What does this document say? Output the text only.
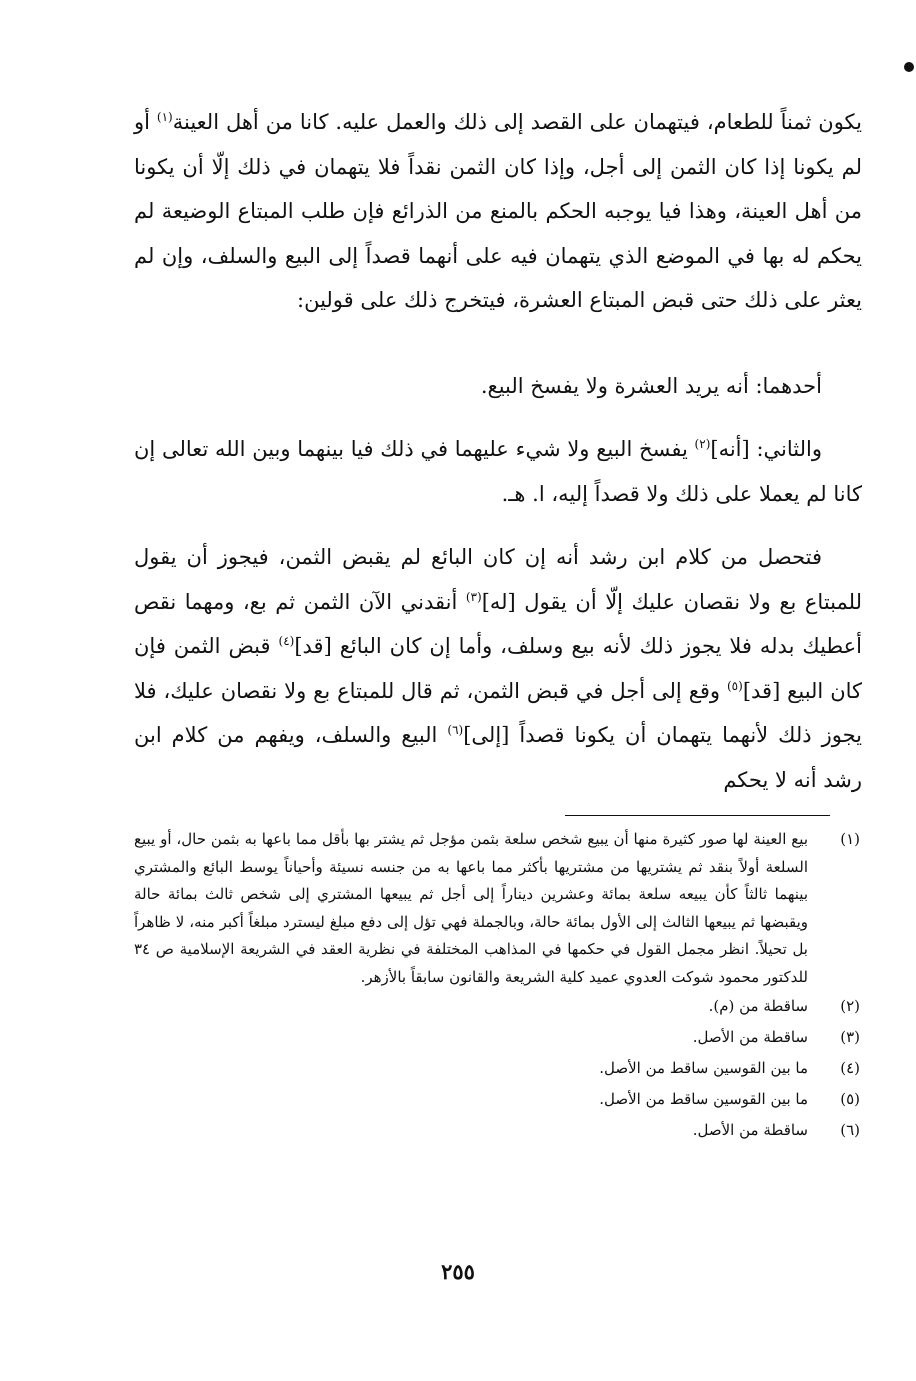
يكون ثمناً للطعام، فيتهمان على القصد إلى ذلك والعمل عليه. كانا من أهل العينة$^{(١)}$ أو لم يكونا إذا كان الثمن إلى أجل، وإذا كان الثمن نقداً فلا يتهمان في ذلك إلّا أن يكونا من أهل العينة، وهذا فيا يوجبه الحكم بالمنع من الذرائع فإن طلب المبتاع الوضيعة لم يحكم له بها في الموضع الذي يتهمان فيه على أنهما قصداً إلى البيع والسلف، وإن لم يعثر على ذلك حتى قبض المبتاع العشرة، فيتخرج ذلك على قولين:

أحدهما: أنه يريد العشرة ولا يفسخ البيع.

والثاني: [أنه]$^{(٢)}$ يفسخ البيع ولا شيء عليهما في ذلك فيا بينهما وبين الله تعالى إن كانا لم يعملا على ذلك ولا قصداً إليه، ا. هـ.

فتحصل من كلام ابن رشد أنه إن كان البائع لم يقبض الثمن، فيجوز أن يقول للمبتاع بع ولا نقصان عليك إلّا أن يقول [له]$^{(٣)}$ أنقدني الآن الثمن ثم بع، ومهما نقص أعطيك بدله فلا يجوز ذلك لأنه بيع وسلف، وأما إن كان البائع [قد]$^{(٤)}$ قبض الثمن فإن كان البيع [قد]$^{(٥)}$ وقع إلى أجل في قبض الثمن، ثم قال للمبتاع بع ولا نقصان عليك، فلا يجوز ذلك لأنهما يتهمان أن يكونا قصداً [إلى]$^{(٦)}$ البيع والسلف، ويفهم من كلام ابن رشد أنه لا يحكم

(١)
بيع العينة لها صور كثيرة منها أن يبيع شخص سلعة بثمن مؤجل ثم يشتر بها بأقل مما باعها به بثمن حال، أو يبيع السلعة أولاً بنقد ثم يشتريها من مشتريها بأكثر مما باعها به من جنسه نسيئة وأحياناً يوسط البائع والمشتري بينهما ثالثاً كأن يبيعه سلعة بمائة وعشرين ديناراً إلى أجل ثم يبيعها المشتري إلى شخص ثالث بمائة حالة ويقبضها ثم يبيعها الثالث إلى الأول بمائة حالة، وبالجملة فهي تؤل إلى دفع مبلغ ليسترد مبلغاً أكبر منه، لا ظاهراً بل تحيلاً. انظر مجمل القول في حكمها في المذاهب المختلفة في نظرية العقد في الشريعة الإسلامية ص ٣٤ للدكتور محمود شوكت العدوي عميد كلية الشريعة والقانون سابقاً بالأزهر.
(٢)
ساقطة من (م).
(٣)
ساقطة من الأصل.
(٤)
ما بين القوسين ساقط من الأصل.
(٥)
ما بين القوسين ساقط من الأصل.
(٦)
ساقطة من الأصل.
٢٥٥
